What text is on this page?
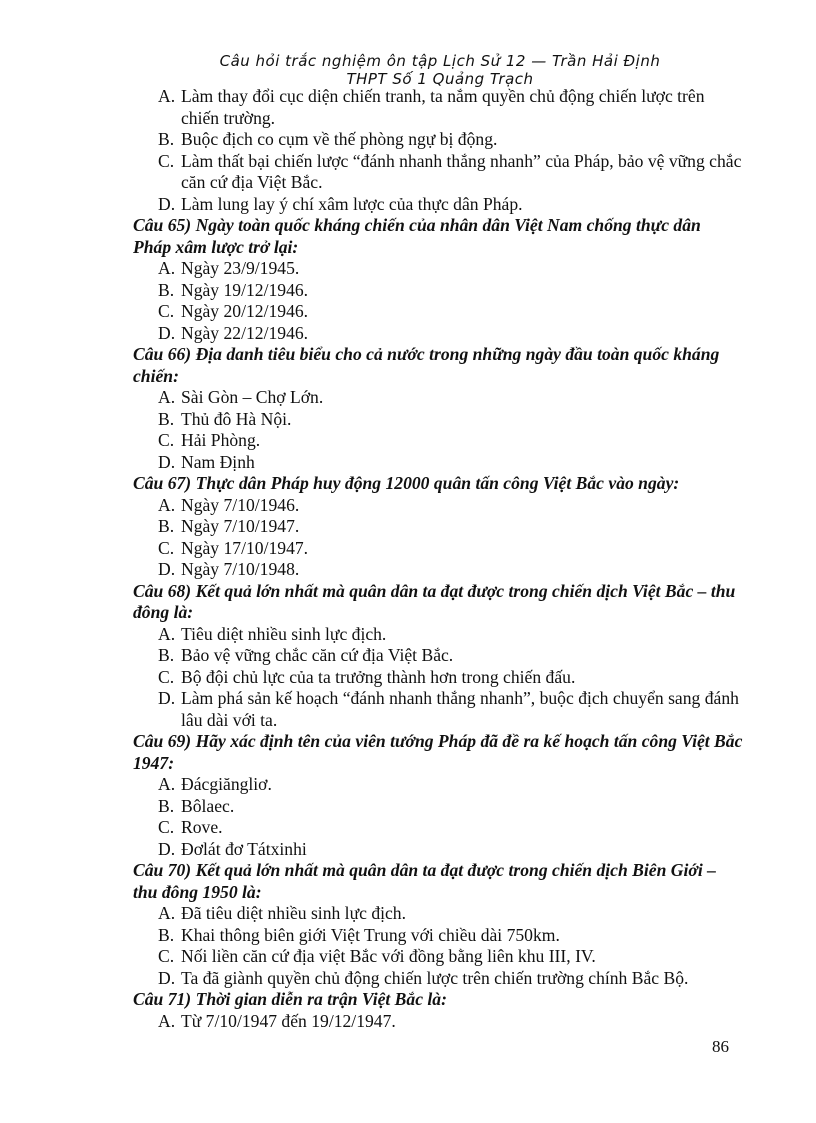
Câu hỏi trắc nghiệm ôn tập Lịch Sử 12 — Trần Hải Định
THPT Số 1 Quảng Trạch
A. Làm thay đổi cục diện chiến tranh, ta nắm quyền chủ động chiến lược trên chiến trường.
B. Buộc địch co cụm về thế phòng ngự bị động.
C. Làm thất bại chiến lược “đánh nhanh thắng nhanh” của Pháp, bảo vệ vững chắc căn cứ địa Việt Bắc.
D. Làm lung lay ý chí xâm lược của thực dân Pháp.

Câu 65) Ngày toàn quốc kháng chiến của nhân dân Việt Nam chống thực dân Pháp xâm lược trở lại:

A. Ngày 23/9/1945.
B. Ngày 19/12/1946.
C. Ngày 20/12/1946.
D. Ngày 22/12/1946.

Câu 66) Địa danh tiêu biểu cho cả nước trong những ngày đầu toàn quốc kháng chiến:

A. Sài Gòn – Chợ Lớn.
B. Thủ đô Hà Nội.
C. Hải Phòng.
D. Nam Định

Câu 67) Thực dân Pháp huy động 12000 quân tấn công Việt Bắc vào ngày:

A. Ngày 7/10/1946.
B. Ngày 7/10/1947.
C. Ngày 17/10/1947.
D. Ngày 7/10/1948.

Câu 68) Kết quả lớn nhất mà quân dân ta đạt được trong chiến dịch Việt Bắc – thu đông là:

A. Tiêu diệt nhiều sinh lực địch.
B. Bảo vệ vững chắc căn cứ địa Việt Bắc.
C. Bộ đội chủ lực của ta trưởng thành hơn trong chiến đấu.
D. Làm phá sản kế hoạch “đánh nhanh thắng nhanh”, buộc địch chuyển sang đánh lâu dài với ta.

Câu 69) Hãy xác định tên của viên tướng Pháp đã đề ra kế hoạch tấn công Việt Bắc 1947:

A. Đácgiăngliơ.
B. Bôlaec.
C. Rove.
D. Đơlát đơ Tátxinhi

Câu 70) Kết quả lớn nhất mà quân dân ta đạt được trong chiến dịch Biên Giới – thu đông 1950 là:

A. Đã tiêu diệt nhiều sinh lực địch.
B. Khai thông biên giới Việt Trung với chiều dài 750km.
C. Nối liền căn cứ địa việt Bắc với đồng bằng liên khu III, IV.
D. Ta đã giành quyền chủ động chiến lược trên chiến trường chính Bắc Bộ.

Câu 71) Thời gian diễn ra trận Việt Bắc là:

A. Từ 7/10/1947 đến 19/12/1947.
86
